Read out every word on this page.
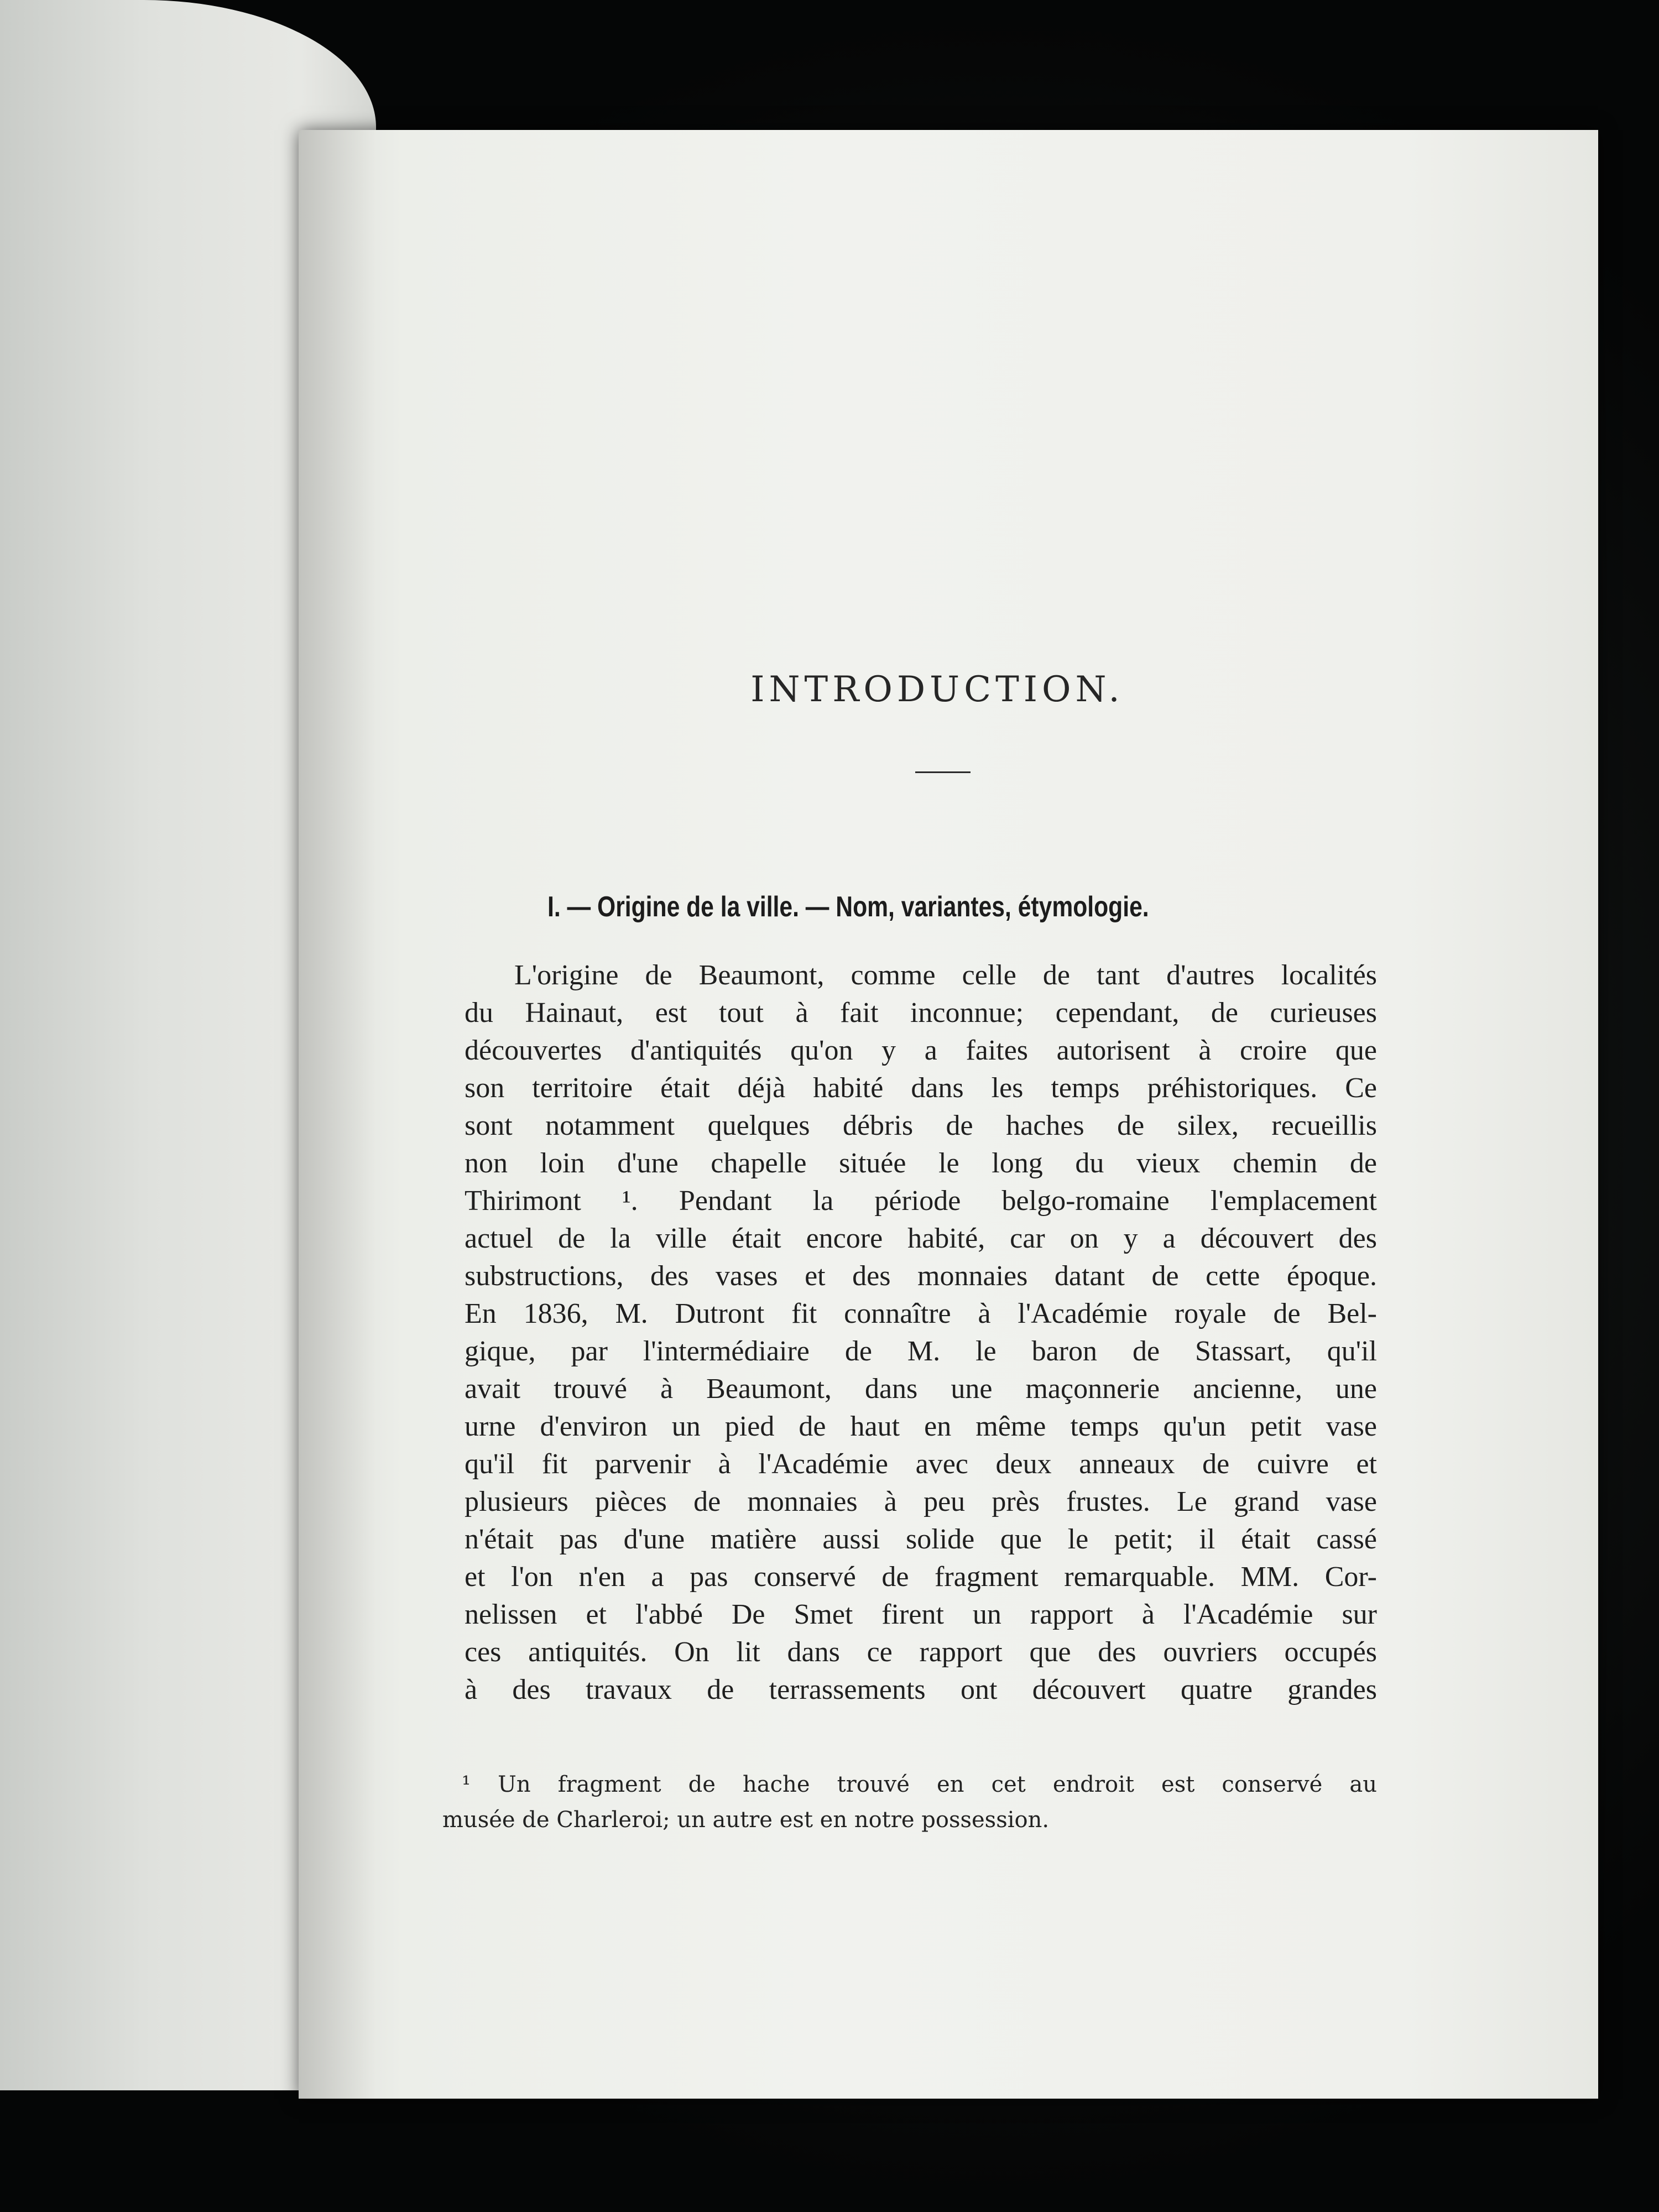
INTRODUCTION.
I. — Origine de la ville. — Nom, variantes, étymologie.
L'origine de Beaumont, comme celle de tant d'autres localités
du Hainaut, est tout à fait inconnue; cependant, de curieuses
découvertes d'antiquités qu'on y a faites autorisent à croire que
son territoire était déjà habité dans les temps préhistoriques. Ce
sont notamment quelques débris de haches de silex, recueillis
non loin d'une chapelle située le long du vieux chemin de
Thirimont ¹. Pendant la période belgo-romaine l'emplacement
actuel de la ville était encore habité, car on y a découvert des
substructions, des vases et des monnaies datant de cette époque.
En 1836, M. Dutront fit connaître à l'Académie royale de Bel-
gique, par l'intermédiaire de M. le baron de Stassart, qu'il
avait trouvé à Beaumont, dans une maçonnerie ancienne, une
urne d'environ un pied de haut en même temps qu'un petit vase
qu'il fit parvenir à l'Académie avec deux anneaux de cuivre et
plusieurs pièces de monnaies à peu près frustes. Le grand vase
n'était pas d'une matière aussi solide que le petit; il était cassé
et l'on n'en a pas conservé de fragment remarquable. MM. Cor-
nelissen et l'abbé De Smet firent un rapport à l'Académie sur
ces antiquités. On lit dans ce rapport que des ouvriers occupés
à des travaux de terrassements ont découvert quatre grandes
¹ Un fragment de hache trouvé en cet endroit est conservé au
musée de Charleroi; un autre est en notre possession.
